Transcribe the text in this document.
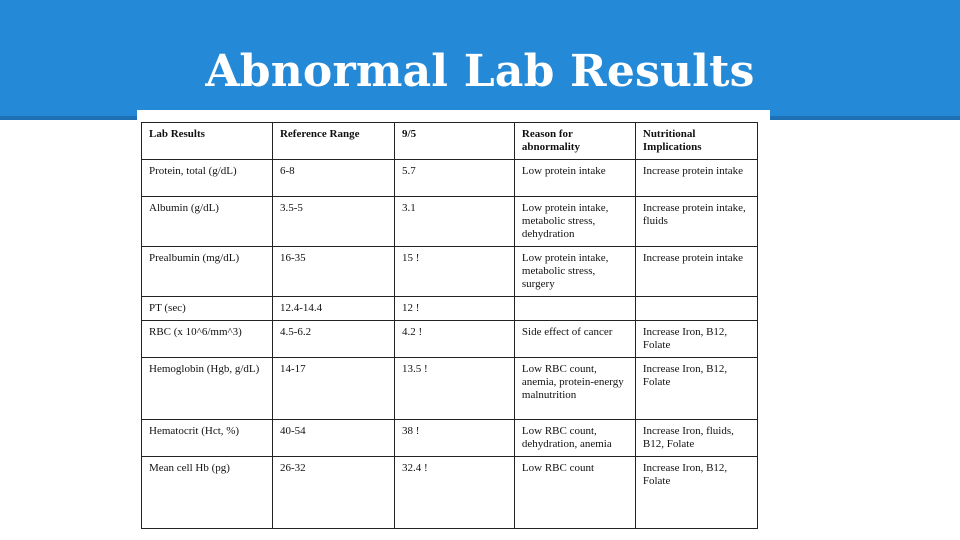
Abnormal Lab Results
Lab Results	Reference Range	9/5	Reason for abnormality	Nutritional Implications
Protein, total (g/dL)	6-8	5.7	Low protein intake	Increase protein intake
Albumin (g/dL)	3.5-5	3.1	Low protein intake, metabolic stress, dehydration	Increase protein intake, fluids
Prealbumin (mg/dL)	16-35	15 !	Low protein intake, metabolic stress, surgery	Increase protein intake
PT (sec)	12.4-14.4	12 !		
RBC (x 10^6/mm^3)	4.5-6.2	4.2 !	Side effect of cancer	Increase Iron, B12, Folate
Hemoglobin (Hgb, g/dL)	14-17	13.5 !	Low RBC count, anemia, protein-energy malnutrition	Increase Iron, B12, Folate
Hematocrit (Hct, %)	40-54	38 !	Low RBC count, dehydration, anemia	Increase Iron, fluids, B12, Folate
Mean cell Hb (pg)	26-32	32.4 !	Low RBC count	Increase Iron, B12, Folate
